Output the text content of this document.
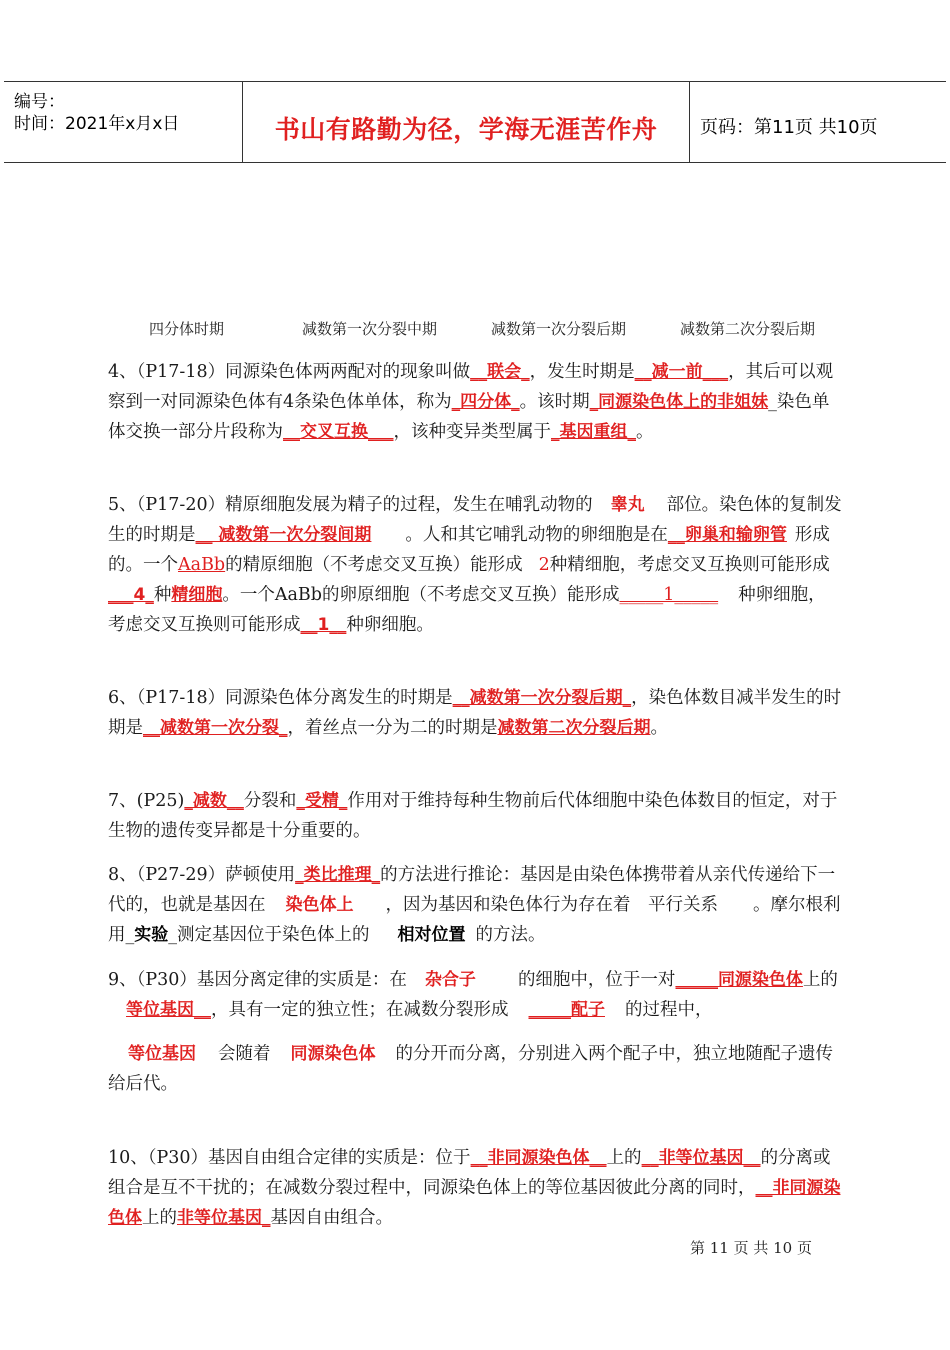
编号：
时间：2021年x月x日	书山有路勤为径，学海无涯苦作舟	页码：第11页 共10页
四分体时期	减数第一次分裂中期	减数第一次分裂后期	减数第二次分裂后期
4、（P17-18）同源染色体两两配对的现象叫做__联会_，发生时期是__减一前___，其后可以观察到一对同源染色体有4条染色体单体，称为_四分体_。该时期_同源染色体上的非姐妹_染色单体交换一部分片段称为__交叉互换___，该种变异类型属于_基因重组_。
5、（P17-20）精原细胞发展为精子的过程，发生在哺乳动物的 睾丸 部位。染色体的复制发生的时期是__ 减数第一次分裂间期 。人和其它哺乳动物的卵细胞是在__卵巢和输卵管 形成的。一个AaBb的精原细胞（不考虑交叉互换）能形成 2种精细胞，考虑交叉互换则可能形成___4_种精细胞。一个AaBb的卵原细胞（不考虑交叉互换）能形成_____1_____ 种卵细胞，考虑交叉互换则可能形成__1__种卵细胞。
6、（P17-18）同源染色体分离发生的时期是__减数第一次分裂后期_，染色体数目减半发生的时期是__减数第一次分裂_，着丝点一分为二的时期是减数第二次分裂后期。
7、(P25)_减数__分裂和_受精_作用对于维持每种生物前后代体细胞中染色体数目的恒定，对于生物的遗传变异都是十分重要的。
8、（P27-29）萨顿使用_类比推理_的方法进行推论：基因是由染色体携带着从亲代传递给下一代的，也就是基因在 染色体上 ，因为基因和染色体行为存在着　平行关系　　。摩尔根利用_实验_测定基因位于染色体上的 相对位置 的方法。
9、（P30）基因分离定律的实质是：在 杂合子 的细胞中，位于一对_____同源染色体上的等位基因__，具有一定的独立性；在减数分裂形成 _____配子 的过程中，
等位基因 会随着 同源染色体 的分开而分离，分别进入两个配子中，独立地随配子遗传给后代。
10、（P30）基因自由组合定律的实质是：位于__非同源染色体__上的__非等位基因__的分离或组合是互不干扰的；在减数分裂过程中，同源染色体上的等位基因彼此分离的同时，__非同源染色体上的非等位基因_基因自由组合。
第 11 页 共 10 页
